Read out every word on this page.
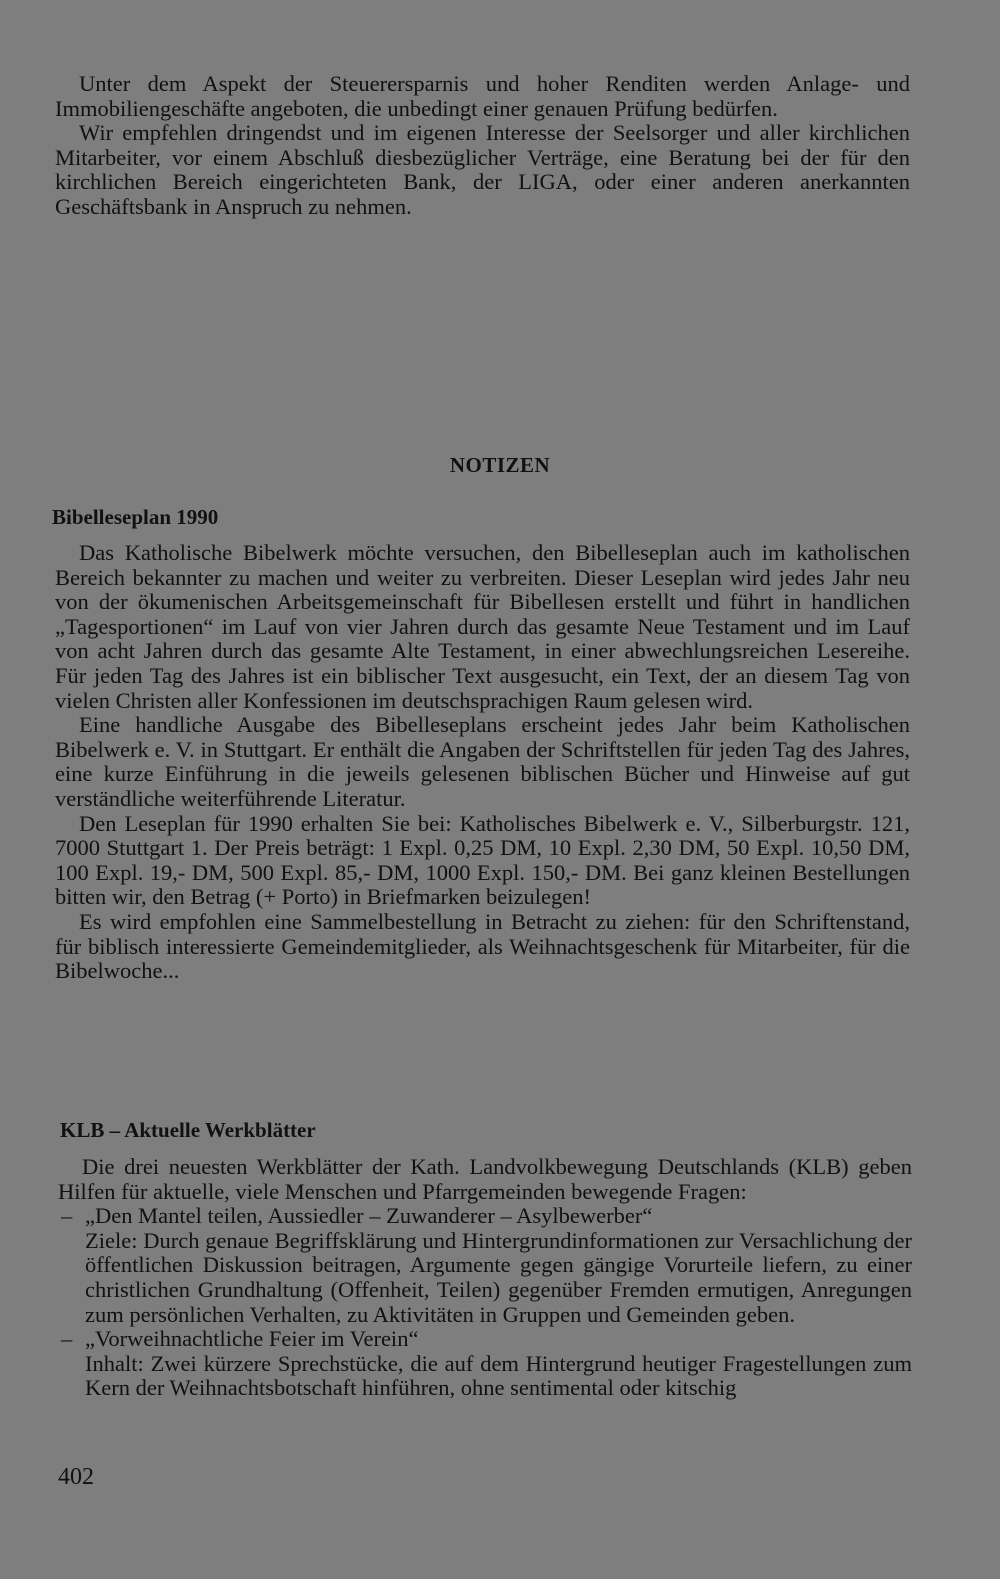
Unter dem Aspekt der Steuerersparnis und hoher Renditen werden Anlage- und Immobiliengeschäfte angeboten, die unbedingt einer genauen Prüfung bedürfen.

Wir empfehlen dringendst und im eigenen Interesse der Seelsorger und aller kirchlichen Mitarbeiter, vor einem Abschluß diesbezüglicher Verträge, eine Beratung bei der für den kirchlichen Bereich eingerichteten Bank, der LIGA, oder einer anderen anerkannten Geschäftsbank in Anspruch zu nehmen.

NOTIZEN
Bibelleseplan 1990

Das Katholische Bibelwerk möchte versuchen, den Bibelleseplan auch im katholischen Bereich bekannter zu machen und weiter zu verbreiten. Dieser Leseplan wird jedes Jahr neu von der ökumenischen Arbeitsgemeinschaft für Bibellesen erstellt und führt in handlichen „Tagesportionen“ im Lauf von vier Jahren durch das gesamte Neue Testament und im Lauf von acht Jahren durch das gesamte Alte Testament, in einer abwechlungsreichen Lesereihe. Für jeden Tag des Jahres ist ein biblischer Text ausgesucht, ein Text, der an diesem Tag von vielen Christen aller Konfessionen im deutschsprachigen Raum gelesen wird.

Eine handliche Ausgabe des Bibelleseplans erscheint jedes Jahr beim Katholischen Bibelwerk e. V. in Stuttgart. Er enthält die Angaben der Schriftstellen für jeden Tag des Jahres, eine kurze Einführung in die jeweils gelesenen biblischen Bücher und Hinweise auf gut verständliche weiterführende Literatur.

Den Leseplan für 1990 erhalten Sie bei: Katholisches Bibelwerk e. V., Silberburgstr. 121, 7000 Stuttgart 1. Der Preis beträgt: 1 Expl. 0,25 DM, 10 Expl. 2,30 DM, 50 Expl. 10,50 DM, 100 Expl. 19,- DM, 500 Expl. 85,- DM, 1000 Expl. 150,- DM. Bei ganz kleinen Bestellungen bitten wir, den Betrag (+ Porto) in Briefmarken beizulegen!

Es wird empfohlen eine Sammelbestellung in Betracht zu ziehen: für den Schriftenstand, für biblisch interessierte Gemeindemitglieder, als Weihnachtsgeschenk für Mitarbeiter, für die Bibelwoche...

KLB – Aktuelle Werkblätter

Die drei neuesten Werkblätter der Kath. Landvolkbewegung Deutschlands (KLB) geben Hilfen für aktuelle, viele Menschen und Pfarrgemeinden bewegende Fragen:

– „Den Mantel teilen, Aussiedler – Zuwanderer – Asylbewerber“

Ziele: Durch genaue Begriffsklärung und Hintergrundinformationen zur Versachlichung der öffentlichen Diskussion beitragen, Argumente gegen gängige Vorurteile liefern, zu einer christlichen Grundhaltung (Offenheit, Teilen) gegenüber Fremden ermutigen, Anregungen zum persönlichen Verhalten, zu Aktivitäten in Gruppen und Gemeinden geben.

– „Vorweihnachtliche Feier im Verein“

Inhalt: Zwei kürzere Sprechstücke, die auf dem Hintergrund heutiger Fragestellungen zum Kern der Weihnachtsbotschaft hinführen, ohne sentimental oder kitschig

402
